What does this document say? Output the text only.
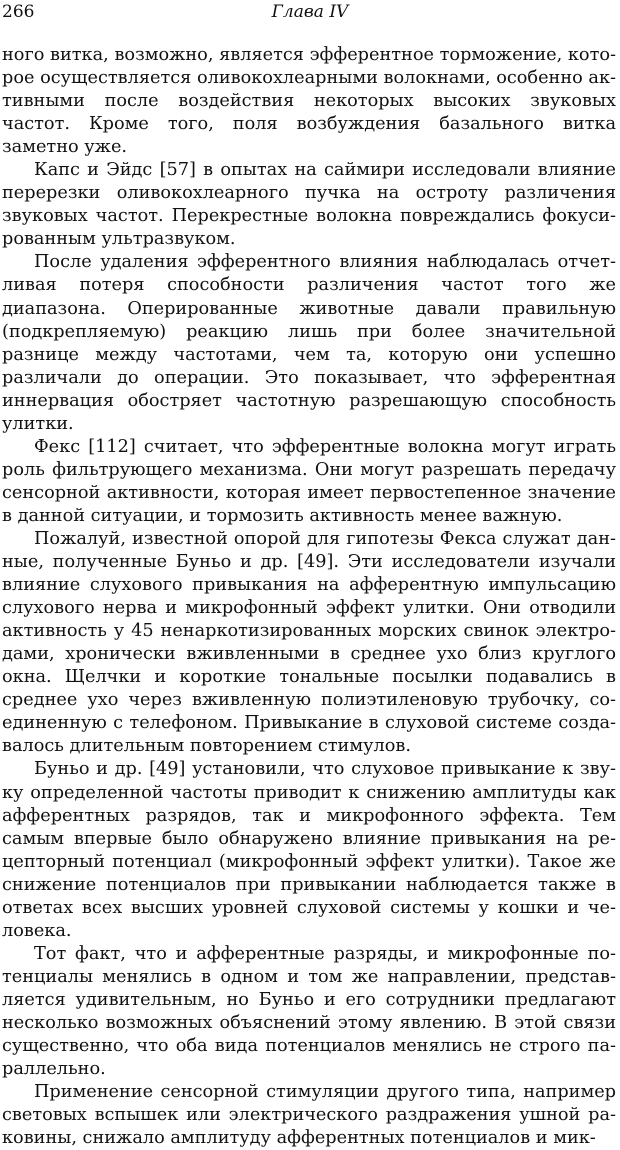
266	Глава IV

ного витка, возможно, является эфферентное торможение, которое осуществляется оливокохлеарными волокнами, особенно активными после воздействия некоторых высоких звуковых частот. Кроме того, поля возбуждения базального витка заметно уже.

Капс и Эйдс [57] в опытах на саймири исследовали влияние перерезки оливокохлеарного пучка на остроту различения звуковых частот. Перекрестные волокна повреждались фокусированным ультразвуком.

После удаления эфферентного влияния наблюдалась отчетливая потеря способности различения частот того же диапазона. Оперированные животные давали правильную (подкрепляемую) реакцию лишь при более значительной разнице между частотами, чем та, которую они успешно различали до операции. Это показывает, что эфферентная иннервация обостряет частотную разрешающую способность улитки.

Фекс [112] считает, что эфферентные волокна могут играть роль фильтрующего механизма. Они могут разрешать передачу сенсорной активности, которая имеет первостепенное значение в данной ситуации, и тормозить активность менее важную.

Пожалуй, известной опорой для гипотезы Фекса служат данные, полученные Буньо и др. [49]. Эти исследователи изучали влияние слухового привыкания на афферентную импульсацию слухового нерва и микрофонный эффект улитки. Они отводили активность у 45 ненаркотизированных морских свинок электродами, хронически вживленными в среднее ухо близ круглого окна. Щелчки и короткие тональные посылки подавались в среднее ухо через вживленную полиэтиленовую трубочку, соединенную с телефоном. Привыкание в слуховой системе создавалось длительным повторением стимулов.

Буньо и др. [49] установили, что слуховое привыкание к звуку определенной частоты приводит к снижению амплитуды как афферентных разрядов, так и микрофонного эффекта. Тем самым впервые было обнаружено влияние привыкания на рецепторный потенциал (микрофонный эффект улитки). Такое же снижение потенциалов при привыкании наблюдается также в ответах всех высших уровней слуховой системы у кошки и человека.

Тот факт, что и афферентные разряды, и микрофонные потенциалы менялись в одном и том же направлении, представляется удивительным, но Буньо и его сотрудники предлагают несколько возможных объяснений этому явлению. В этой связи существенно, что оба вида потенциалов менялись не строго параллельно.

Применение сенсорной стимуляции другого типа, например световых вспышек или электрического раздражения ушной раковины, снижало амплитуду афферентных потенциалов и мик-
